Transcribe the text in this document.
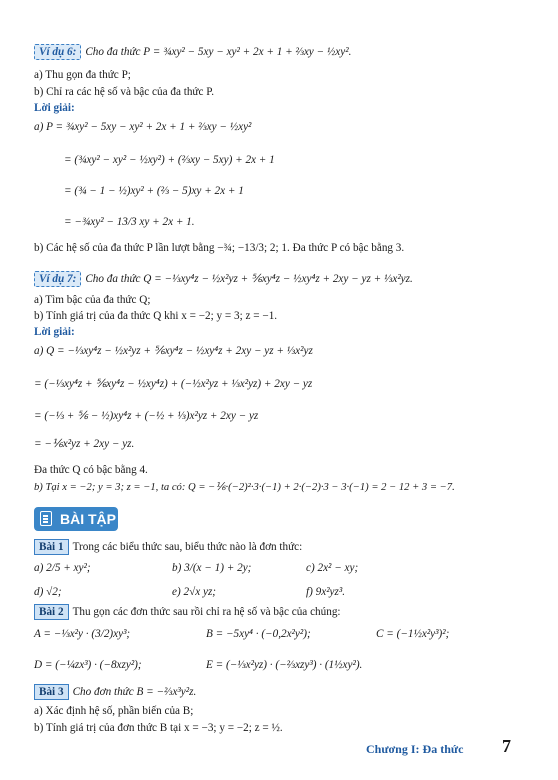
Ví dụ 6: Cho đa thức P = ¾xy² − 5xy − xy² + 2x + 1 + ⅔xy − ½xy².
a) Thu gọn đa thức P;
b) Chỉ ra các hệ số và bậc của đa thức P.
Lời giải:
a) P = ¾xy² − 5xy − xy² + 2x + 1 + ⅔xy − ½xy²
= (¾xy² − xy² − ½xy²) + (⅔xy − 5xy) + 2x + 1
= (¾ − 1 − ½)xy² + (⅔ − 5)xy + 2x + 1
= −¾xy² − 13/3 xy + 2x + 1.
b) Các hệ số của đa thức P lần lượt bằng −¾; −13/3; 2; 1. Đa thức P có bậc bằng 3.
Ví dụ 7: Cho đa thức Q = −⅓xy⁴z − ½x²yz + ⅚xy⁴z − ½xy⁴z + 2xy − yz + ⅓x²yz.
a) Tìm bậc của đa thức Q;
b) Tính giá trị của đa thức Q khi x = −2; y = 3; z = −1.
Lời giải:
a) Q = −⅓xy⁴z − ½x²yz + ⅚xy⁴z − ½xy⁴z + 2xy − yz + ⅓x²yz
= (−⅓xy⁴z + ⅚xy⁴z − ½xy⁴z) + (−½x²yz + ⅓x²yz) + 2xy − yz
= (−⅓ + ⅚ − ½)xy⁴z + (−½ + ⅓)x²yz + 2xy − yz
= −⅙x²yz + 2xy − yz.
Đa thức Q có bậc bằng 4.
b) Tại x = −2; y = 3; z = −1, ta có: Q = −⅙·(−2)²·3·(−1) + 2·(−2)·3 − 3·(−1) = 2 − 12 + 3 = −7.
BÀI TẬP
Bài 1 Trong các biểu thức sau, biểu thức nào là đơn thức:
a) 2/5 + xy²;	b) 3/(x − 1) + 2y;	c) 2x² − xy;
d) √2;	e) 2√x yz;	f) 9x²yz³.
Bài 2 Thu gọn các đơn thức sau rồi chỉ ra hệ số và bậc của chúng:
A = −⅓x²y · (3/2)xy³;	B = −5xy⁴ · (−0,2x²y²);	C = (−1½x²y³)²;
D = (−¼zx³) · (−8xzy²);	E = (−⅓x²yz) · (−⅔xzy³) · (1½xy²).
Bài 3 Cho đơn thức B = −⅔x³y²z.
a) Xác định hệ số, phần biến của B;
b) Tính giá trị của đơn thức B tại x = −3; y = −2; z = ½.
Chương I: Đa thức 7
